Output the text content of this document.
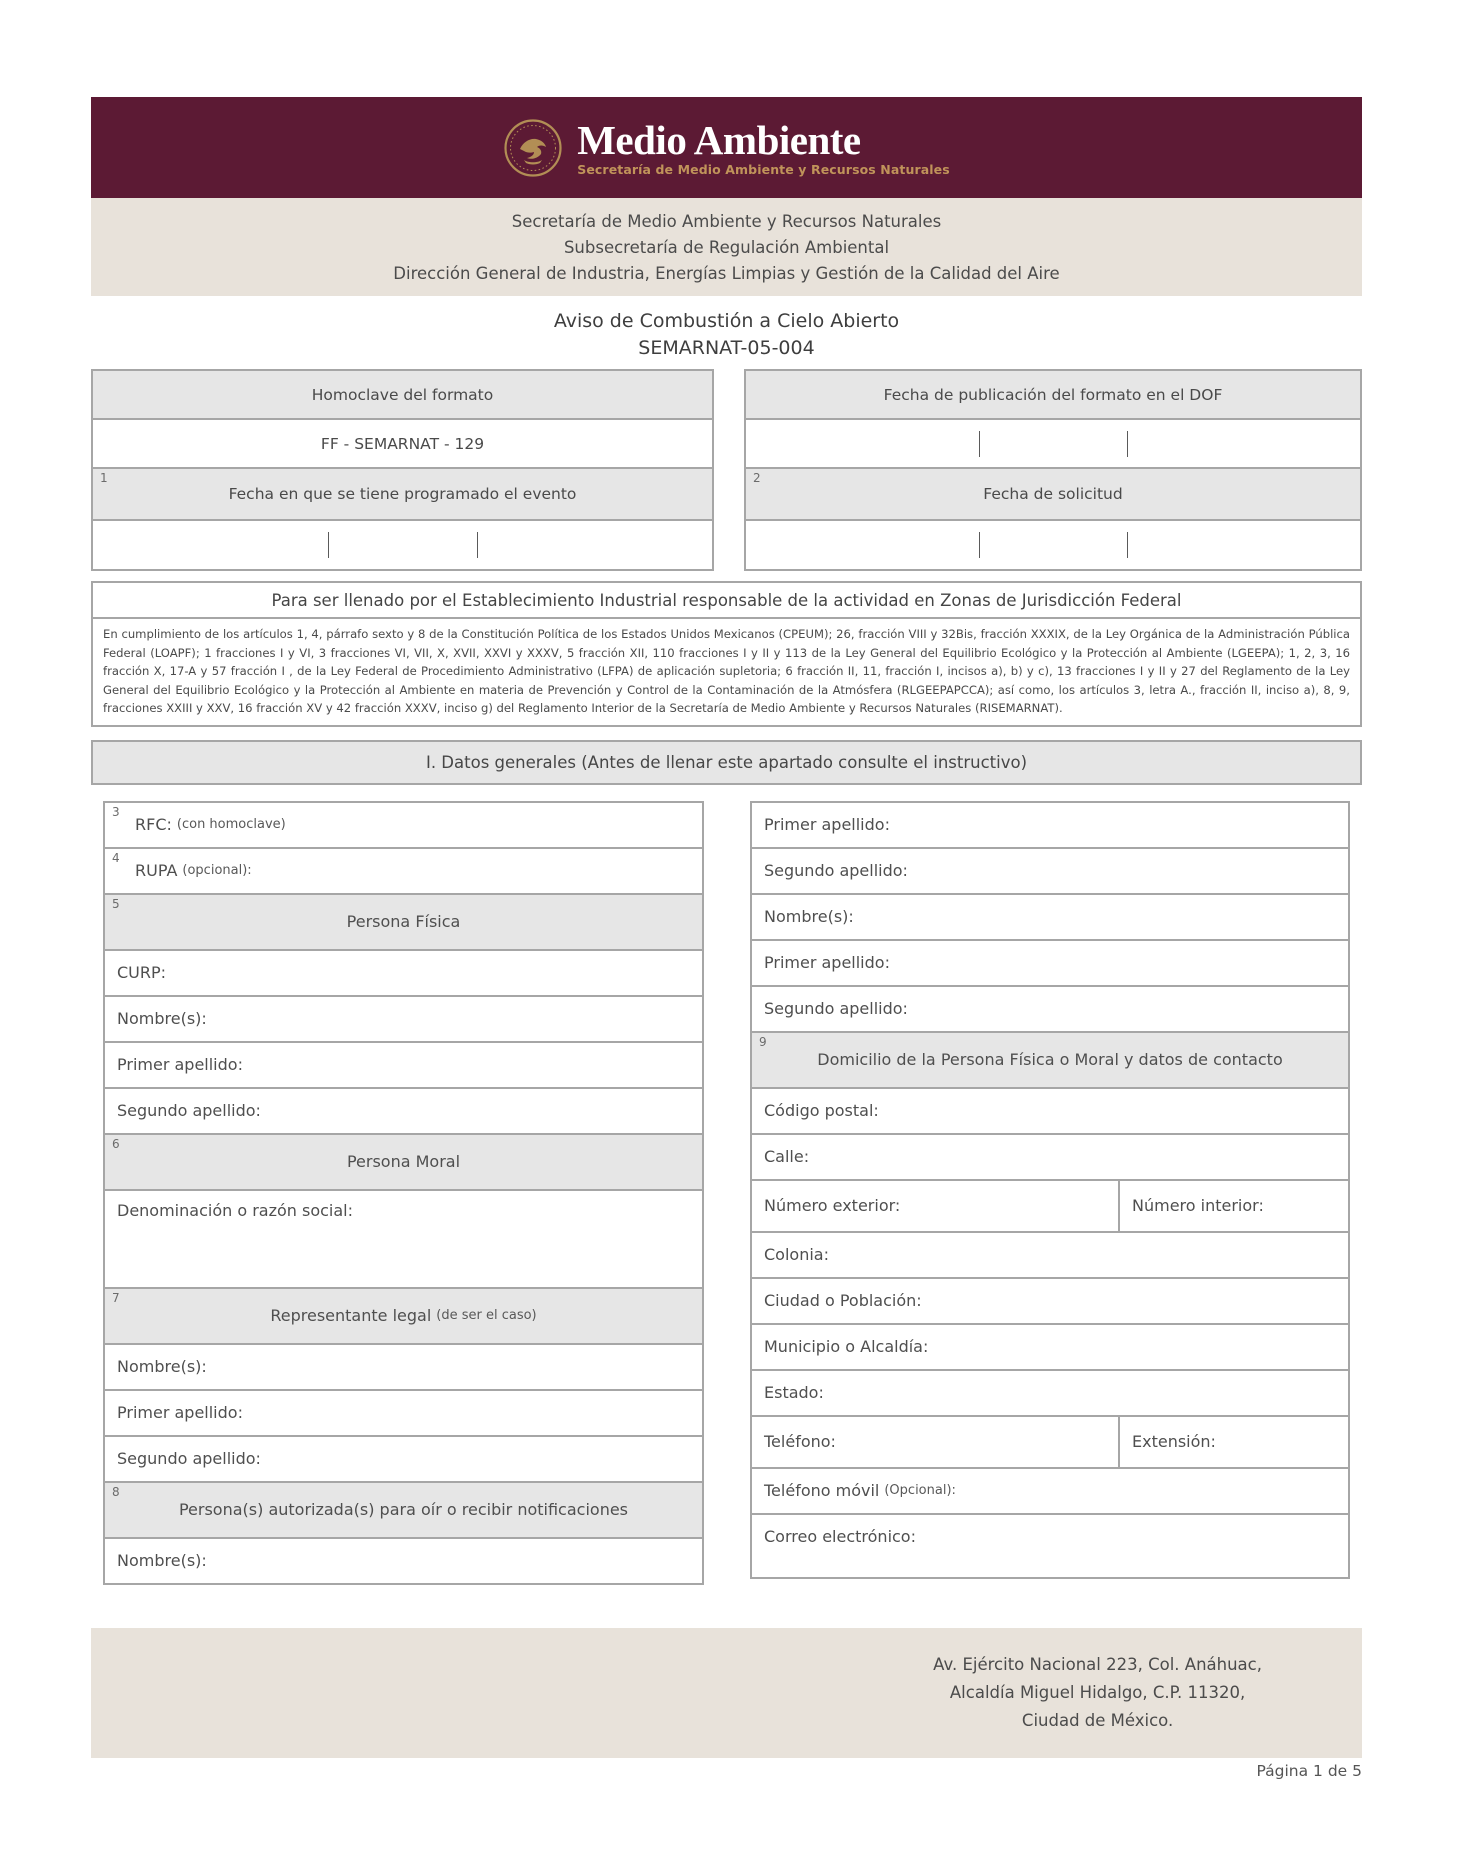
Medio Ambiente
Secretaría de Medio Ambiente y Recursos Naturales
Secretaría de Medio Ambiente y Recursos Naturales
Subsecretaría de Regulación Ambiental
Dirección General de Industria, Energías Limpias y Gestión de la Calidad del Aire
Aviso de Combustión a Cielo Abierto
SEMARNAT-05-004
Homoclave del formato
FF - SEMARNAT - 129
1
Fecha en que se tiene programado el evento
Fecha de publicación del formato en el DOF
2
Fecha de solicitud
Para ser llenado por el Establecimiento Industrial responsable de la actividad en Zonas de Jurisdicción Federal
En cumplimiento de los artículos 1, 4, párrafo sexto y 8 de la Constitución Política de los Estados Unidos Mexicanos (CPEUM); 26, fracción VIII y 32Bis, fracción XXXIX, de la Ley Orgánica de la Administración Pública Federal (LOAPF); 1 fracciones I y VI, 3 fracciones VI, VII, X, XVII, XXVI y XXXV, 5 fracción XII, 110 fracciones I y II y 113 de la Ley General del Equilibrio Ecológico y la Protección al Ambiente (LGEEPA); 1, 2, 3, 16 fracción X, 17-A y 57 fracción I , de la Ley Federal de Procedimiento Administrativo (LFPA) de aplicación supletoria; 6 fracción II, 11, fracción I, incisos a), b) y c), 13 fracciones I y II y 27 del Reglamento de la Ley General del Equilibrio Ecológico y la Protección al Ambiente en materia de Prevención y Control de la Contaminación de la Atmósfera (RLGEEPAPCCA); así como, los artículos 3, letra A., fracción II, inciso a), 8, 9, fracciones XXIII y XXV, 16 fracción XV y 42 fracción XXXV, inciso g) del Reglamento Interior de la Secretaría de Medio Ambiente y Recursos Naturales (RISEMARNAT).
I. Datos generales (Antes de llenar este apartado consulte el instructivo)
3
RFC: (con homoclave)
4
RUPA (opcional):
5
Persona Física
CURP:
Nombre(s):
Primer apellido:
Segundo apellido:
6
Persona Moral
Denominación o razón social:
7
Representante legal (de ser el caso)
Nombre(s):
Primer apellido:
Segundo apellido:
8
Persona(s) autorizada(s) para oír o recibir notificaciones
Nombre(s):
Primer apellido:
Segundo apellido:
Nombre(s):
Primer apellido:
Segundo apellido:
9
Domicilio de la Persona Física o Moral y datos de contacto
Código postal:
Calle:
Número exterior:	Número interior:
Colonia:
Ciudad o Población:
Municipio o Alcaldía:
Estado:
Teléfono:	Extensión:
Teléfono móvil (Opcional):
Correo electrónico:
Av. Ejército Nacional 223, Col. Anáhuac,
Alcaldía Miguel Hidalgo, C.P. 11320,
Ciudad de México.
Página 1 de 5
